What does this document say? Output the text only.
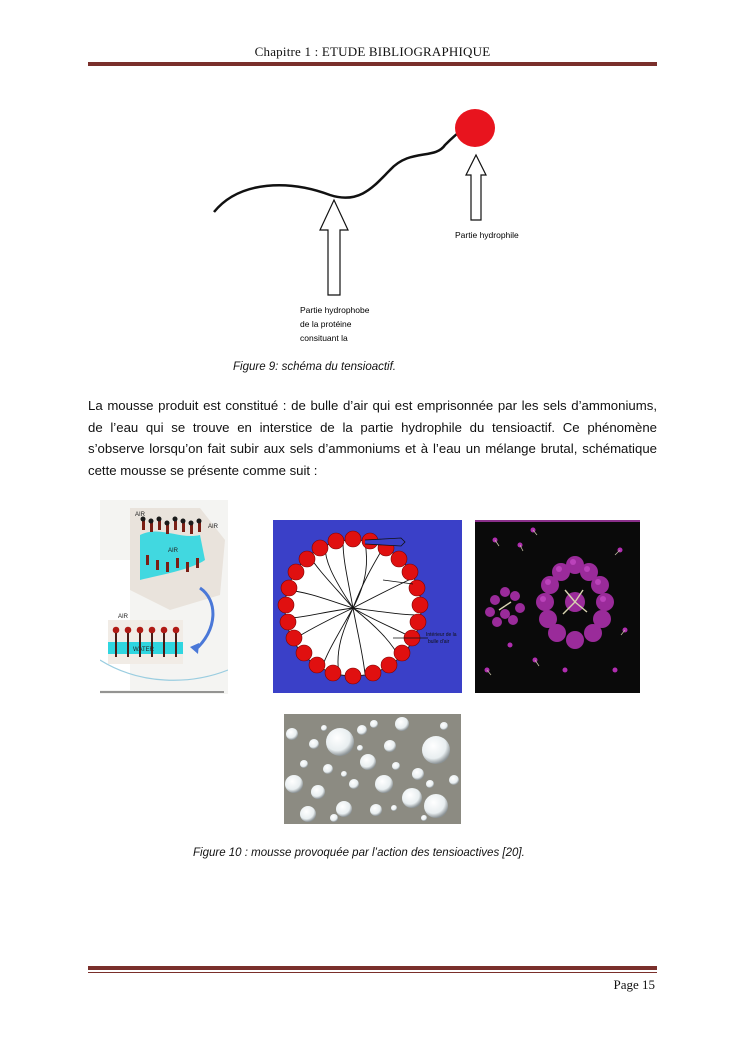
Chapitre 1 : ETUDE BIBLIOGRAPHIQUE
Partie hydrophile
Partie hydrophobe
de la protéine
consituant la
Figure 9: schéma du tensioactif.

La mousse produit est constitué : de bulle d’air qui est emprisonnée par les sels d’ammoniums, de l’eau qui se trouve en interstice de la partie hydrophile du tensioactif. Ce phénomène s’observe lorsqu’on fait subir aux sels d’ammoniums et à l’eau un mélange brutal, schématique cette mousse se présente comme suit :

AIR
AIR
AIR
AIR
WATER
Intérieur de la
bulle d'air
Figure 10 : mousse provoquée par l’action des tensioactives [20].
Page 15
